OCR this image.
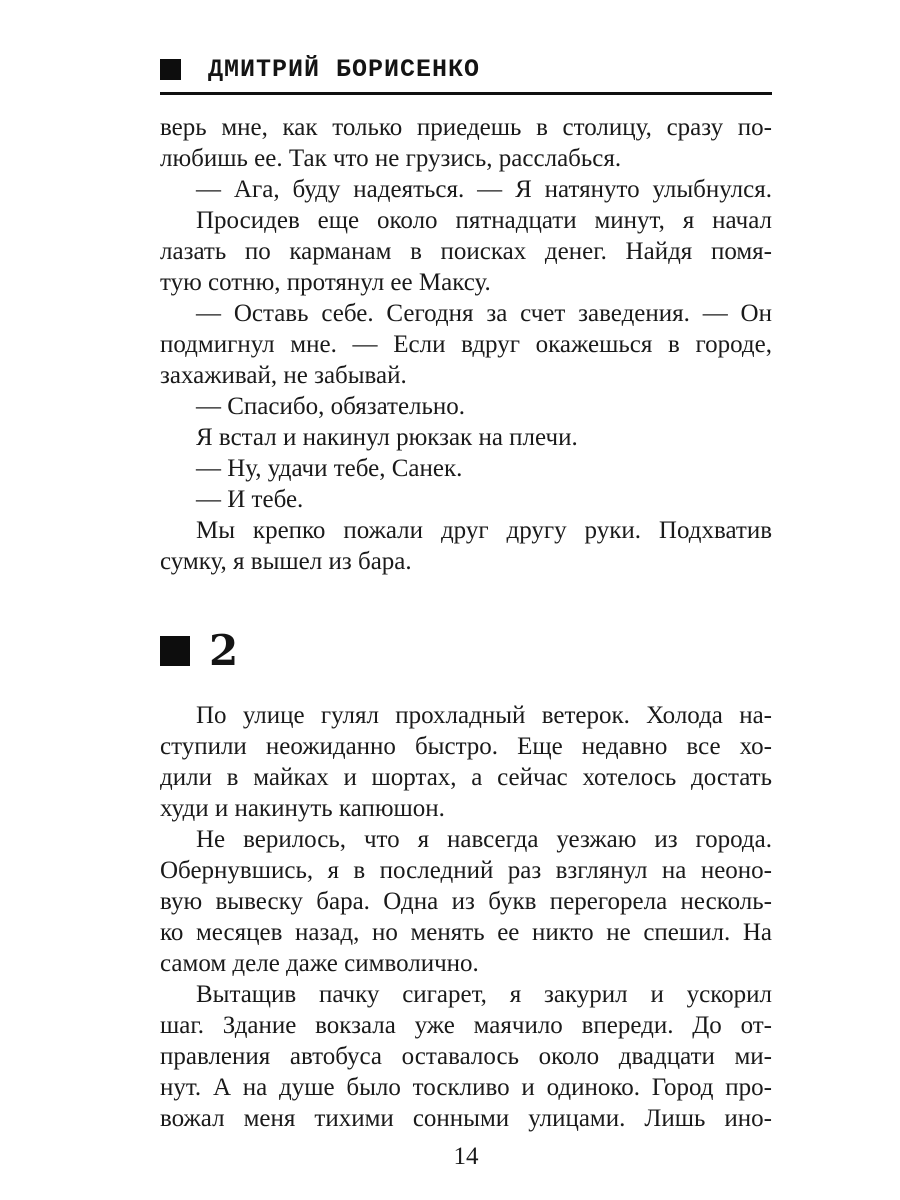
ДМИТРИЙ БОРИСЕНКО
верь мне, как только приедешь в столицу, сразу по-
любишь ее. Так что не грузись, расслабься.
— Ага, буду надеяться. — Я натянуто улыбнулся.
Просидев еще около пятнадцати минут, я начал
лазать по карманам в поисках денег. Найдя помя-
тую сотню, протянул ее Максу.
— Оставь себе. Сегодня за счет заведения. — Он
подмигнул мне. — Если вдруг окажешься в городе,
захаживай, не забывай.
— Спасибо, обязательно.
Я встал и накинул рюкзак на плечи.
— Ну, удачи тебе, Санек.
— И тебе.
Мы крепко пожали друг другу руки. Подхватив
сумку, я вышел из бара.
2
По улице гулял прохладный ветерок. Холода на-
ступили неожиданно быстро. Еще недавно все хо-
дили в майках и шортах, а сейчас хотелось достать
худи и накинуть капюшон.
Не верилось, что я навсегда уезжаю из города.
Обернувшись, я в последний раз взглянул на неоно-
вую вывеску бара. Одна из букв перегорела несколь-
ко месяцев назад, но менять ее никто не спешил. На
самом деле даже символично.
Вытащив пачку сигарет, я закурил и ускорил
шаг. Здание вокзала уже маячило впереди. До от-
правления автобуса оставалось около двадцати ми-
нут. А на душе было тоскливо и одиноко. Город про-
вожал меня тихими сонными улицами. Лишь ино-
14
